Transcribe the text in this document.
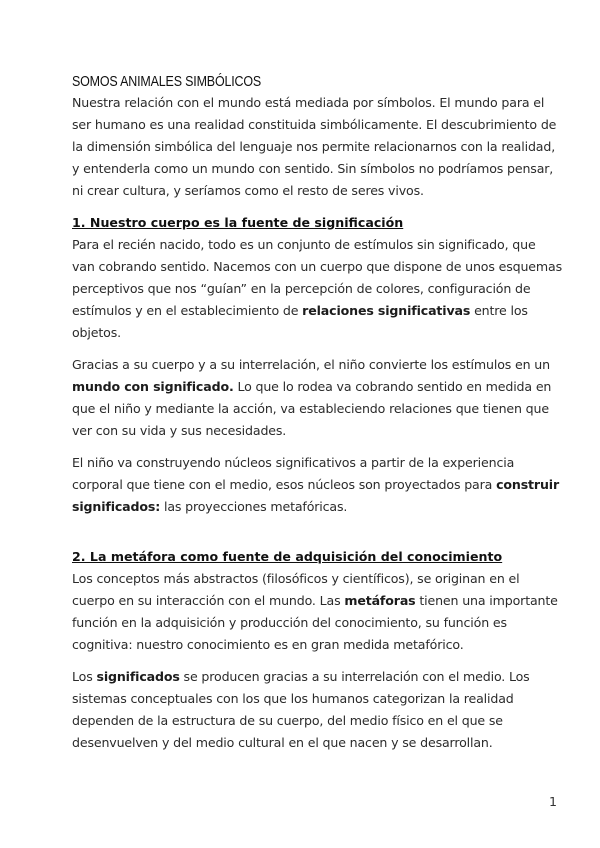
SOMOS ANIMALES SIMBÓLICOS

Nuestra relación con el mundo está mediada por símbolos. El mundo para el ser humano es una realidad constituida simbólicamente. El descubrimiento de la dimensión simbólica del lenguaje nos permite relacionarnos con la realidad, y entenderla como un mundo con sentido. Sin símbolos no podríamos pensar, ni crear cultura, y seríamos como el resto de seres vivos.

1. Nuestro cuerpo es la fuente de significación

Para el recién nacido, todo es un conjunto de estímulos sin significado, que van cobrando sentido. Nacemos con un cuerpo que dispone de unos esquemas perceptivos que nos “guían” en la percepción de colores, configuración de estímulos y en el establecimiento de relaciones significativas entre los objetos.

Gracias a su cuerpo y a su interrelación, el niño convierte los estímulos en un mundo con significado. Lo que lo rodea va cobrando sentido en medida en que el niño y mediante la acción, va estableciendo relaciones que tienen que ver con su vida y sus necesidades.

El niño va construyendo núcleos significativos a partir de la experiencia corporal que tiene con el medio, esos núcleos son proyectados para construir significados: las proyecciones metafóricas.

2. La metáfora como fuente de adquisición del conocimiento

Los conceptos más abstractos (filosóficos y científicos), se originan en el cuerpo en su interacción con el mundo. Las metáforas tienen una importante función en la adquisición y producción del conocimiento, su función es cognitiva: nuestro conocimiento es en gran medida metafórico.

Los significados se producen gracias a su interrelación con el medio. Los sistemas conceptuales con los que los humanos categorizan la realidad dependen de la estructura de su cuerpo, del medio físico en el que se desenvuelven y del medio cultural en el que nacen y se desarrollan.

1
